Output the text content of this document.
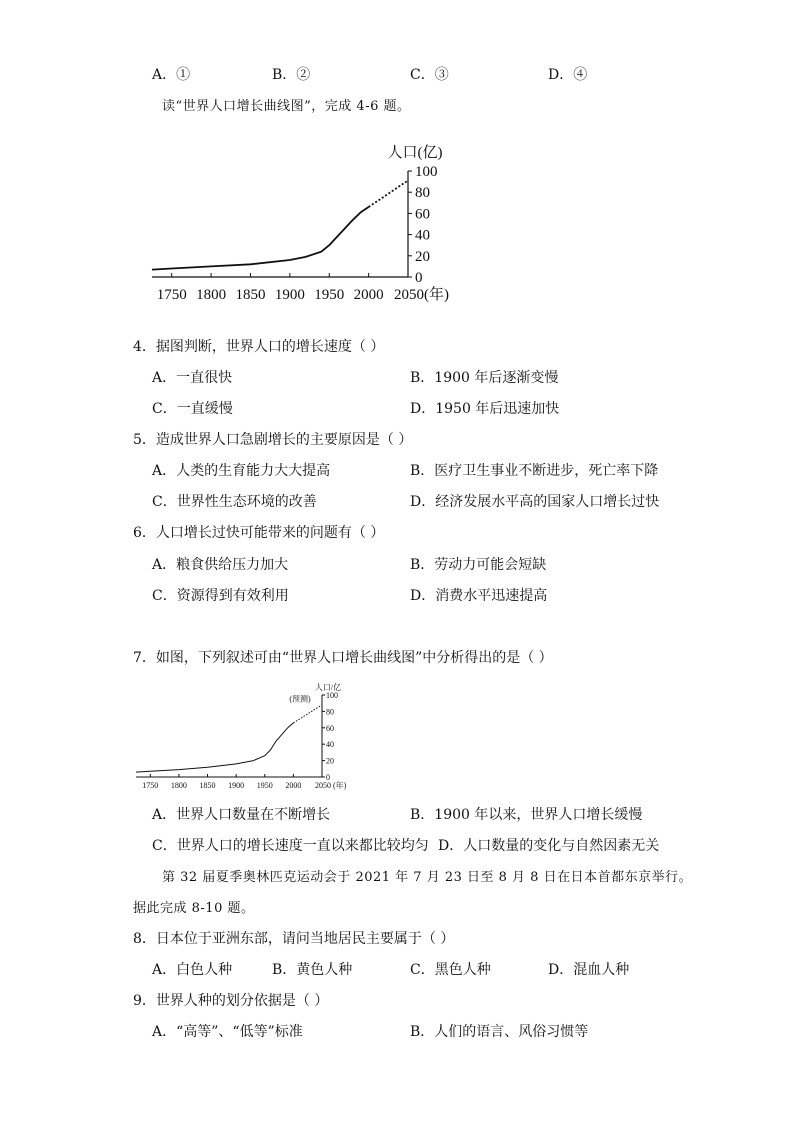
A．①	B．②	C．③	D．④
读“世界人口增长曲线图”，完成 4-6 题。
1750 1800 1850 1900 1950 2000 2050(年)
0
20
40
60
80
100
人口(亿)
4．据图判断，世界人口的增长速度（ ）
A．一直很快	B．1900 年后逐渐变慢
C．一直缓慢	D．1950 年后迅速加快
5．造成世界人口急剧增长的主要原因是（ ）
A．人类的生育能力大大提高	B．医疗卫生事业不断进步，死亡率下降
C．世界性生态环境的改善	D．经济发展水平高的国家人口增长过快
6．人口增长过快可能带来的问题有（ ）
A．粮食供给压力加大	B．劳动力可能会短缺
C．资源得到有效利用	D．消费水平迅速提高
7．如图，下列叙述可由“世界人口增长曲线图”中分析得出的是（ ）
1750 1800 1850 1900 1950 2000 2050
0
20
40
60
80
100
人口/亿
(年)
(预测)
A．世界人口数量在不断增长	B．1900 年以来，世界人口增长缓慢
C．世界人口的增长速度一直以来都比较均匀 D．人口数量的变化与自然因素无关
第 32 届夏季奥林匹克运动会于 2021 年 7 月 23 日至 8 月 8 日在日本首都东京举行。
据此完成 8-10 题。
8．日本位于亚洲东部，请问当地居民主要属于（ ）
A．白色人种	B．黄色人种	C．黑色人种	D．混血人种
9．世界人种的划分依据是（ ）
A．“高等”、“低等”标准	B．人们的语言、风俗习惯等
